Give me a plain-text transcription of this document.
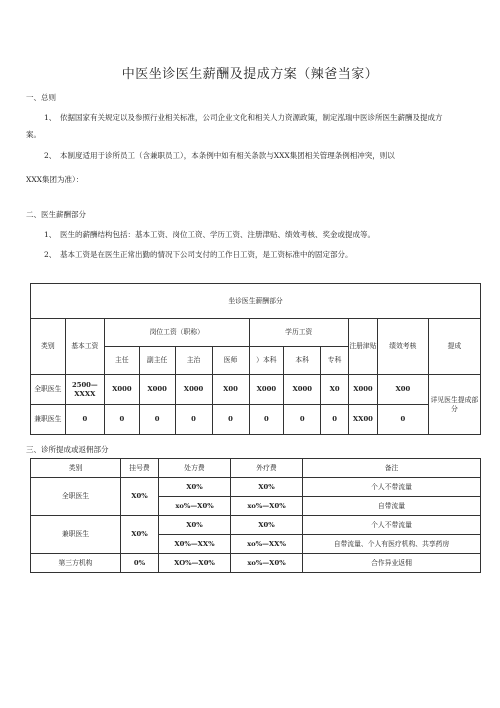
中医坐诊医生薪酬及提成方案（辣爸当家）
一、总则
1、 依据国家有关规定以及参照行业相关标准，公司企业文化和相关人力资源政策，制定泓瑞中医诊所医生薪酬及提成方
案。
2、 本制度适用于诊所员工（含兼职员工），本条例中如有相关条款与XXX集团相关管理条例相冲突，则以
XXX集团为准）：
二、医生薪酬部分
1、 医生的薪酬结构包括：基本工资、岗位工资、学历工资、注册津贴、绩效考核、奖金或提成等。
2、 基本工资是在医生正常出勤的情况下公司支付的工作日工资，是工资标准中的固定部分。
坐诊医生薪酬部分											
类别	基本工资	岗位工资（职称）				学历工资			注册津贴	绩效考核	提成
		主任	副主任	主治	医师	）本科	本科	专科			
全职医生	2500—XXXX	X000	X000	X000	X00	X000	X000	X0	X000	X00	详见医生提成部分
兼职医生	0	0	0	0	0	0	0	0	XX00	0	
三、诊所提成或返佣部分
类别	挂号费	处方费	外疗费	备注
全职医生	X0%	X0%	X0%	个人不带流量
		xo%—X0%	xo%—X0%	自带流量
兼职医生	X0%	X0%	X0%	个人不带流量
		X0%—XX%	xo%—XX%	自带流量、个人有医疗机构、共享药房
第三方机构	0%	XO%—X0%	xo%—X0%	合作异业返佣
